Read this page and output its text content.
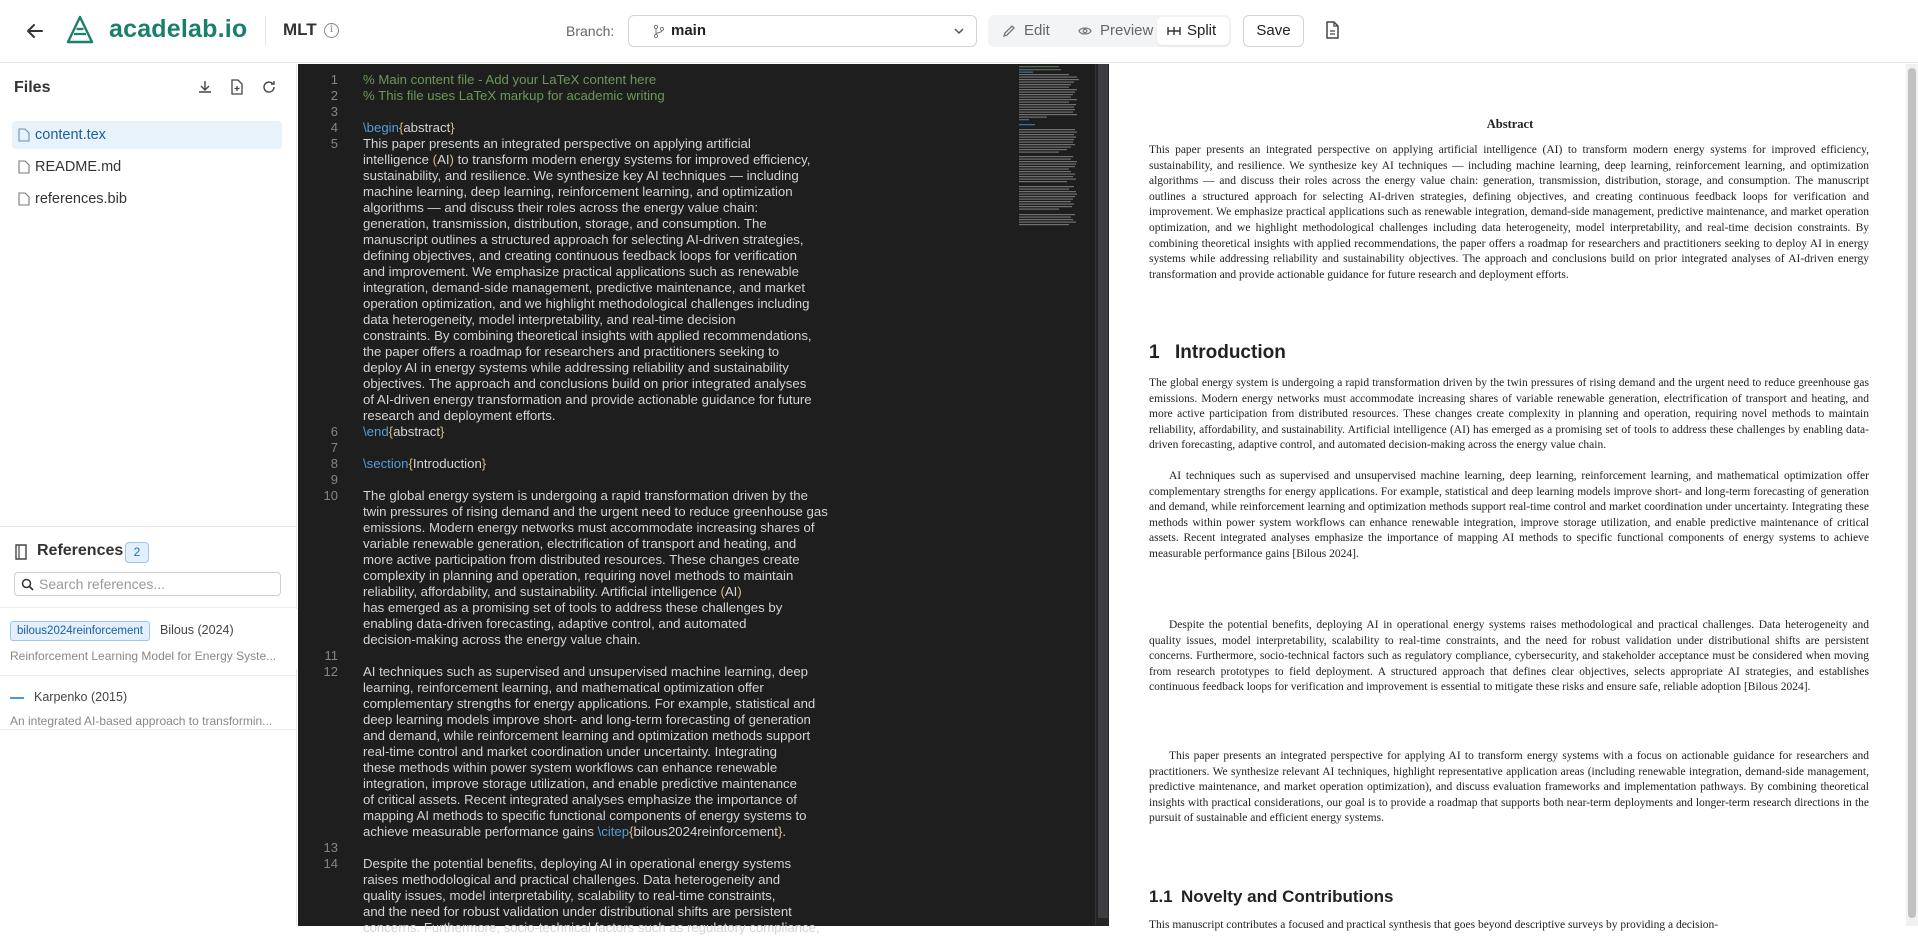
acadelab.io MLT	i	Branch:	main	Edit	Preview Split	Save
Files
content.tex
README.md
references.bib
References 2
Search references...
bilous2024reinforcement	Bilous (2024)
Reinforcement Learning Model for Energy Syste...
Karpenko (2015)
An integrated AI-based approach to transformin...
1 % Main content file - Add your LaTeX content here
2 % This file uses LaTeX markup for academic writing
3
4 \begin{abstract}
5 This paper presents an integrated perspective on applying artificial
intelligence (AI) to transform modern energy systems for improved efficiency,
sustainability, and resilience. We synthesize key AI techniques — including
machine learning, deep learning, reinforcement learning, and optimization
algorithms — and discuss their roles across the energy value chain:
generation, transmission, distribution, storage, and consumption. The
manuscript outlines a structured approach for selecting AI-driven strategies,
defining objectives, and creating continuous feedback loops for verification
and improvement. We emphasize practical applications such as renewable
integration, demand-side management, predictive maintenance, and market
operation optimization, and we highlight methodological challenges including
data heterogeneity, model interpretability, and real-time decision
constraints. By combining theoretical insights with applied recommendations,
the paper offers a roadmap for researchers and practitioners seeking to
deploy AI in energy systems while addressing reliability and sustainability
objectives. The approach and conclusions build on prior integrated analyses
of AI-driven energy transformation and provide actionable guidance for future
research and deployment efforts.
6 \end{abstract}
7
8 \section{Introduction}
9
10 The global energy system is undergoing a rapid transformation driven by the
twin pressures of rising demand and the urgent need to reduce greenhouse gas
emissions. Modern energy networks must accommodate increasing shares of
variable renewable generation, electrification of transport and heating, and
more active participation from distributed resources. These changes create
complexity in planning and operation, requiring novel methods to maintain
reliability, affordability, and sustainability. Artificial intelligence (AI)
has emerged as a promising set of tools to address these challenges by
enabling data-driven forecasting, adaptive control, and automated
decision-making across the energy value chain.
11
12 AI techniques such as supervised and unsupervised machine learning, deep
learning, reinforcement learning, and mathematical optimization offer
complementary strengths for energy applications. For example, statistical and
deep learning models improve short- and long-term forecasting of generation
and demand, while reinforcement learning and optimization methods support
real-time control and market coordination under uncertainty. Integrating
these methods within power system workflows can enhance renewable
integration, improve storage utilization, and enable predictive maintenance
of critical assets. Recent integrated analyses emphasize the importance of
mapping AI methods to specific functional components of energy systems to
achieve measurable performance gains \citep{bilous2024reinforcement}.
13
14 Despite the potential benefits, deploying AI in operational energy systems
raises methodological and practical challenges. Data heterogeneity and
quality issues, model interpretability, scalability to real-time constraints,
and the need for robust validation under distributional shifts are persistent
concerns. Furthermore, socio-technical factors such as regulatory compliance,
Abstract
This paper presents an integrated perspective on applying artificial intelligence (AI) to transform modern energy systems for improved efficiency, sustainability, and resilience. We synthesize key AI techniques — including machine learning, deep learning, reinforcement learning, and optimization algorithms — and discuss their roles across the energy value chain: generation, transmission, distribution, storage, and consumption. The manuscript outlines a structured approach for selecting AI-driven strategies, defining objectives, and creating continuous feedback loops for verification and improvement. We emphasize practical applications such as renewable integration, demand-side management, predictive maintenance, and market operation optimization, and we highlight methodological challenges including data heterogeneity, model interpretability, and real-time decision constraints. By combining theoretical insights with applied recommendations, the paper offers a roadmap for researchers and practitioners seeking to deploy AI in energy systems while addressing reliability and sustainability objectives. The approach and conclusions build on prior integrated analyses of AI-driven energy transformation and provide actionable guidance for future research and deployment efforts.
1 Introduction
The global energy system is undergoing a rapid transformation driven by the twin pressures of rising demand and the urgent need to reduce greenhouse gas emissions. Modern energy networks must accommodate increasing shares of variable renewable generation, electrification of transport and heating, and more active participation from distributed resources. These changes create complexity in planning and operation, requiring novel methods to maintain reliability, affordability, and sustainability. Artificial intelligence (AI) has emerged as a promising set of tools to address these challenges by enabling data-driven forecasting, adaptive control, and automated decision-making across the energy value chain.
AI techniques such as supervised and unsupervised machine learning, deep learning, reinforcement learning, and mathematical optimization offer complementary strengths for energy applications. For example, statistical and deep learning models improve short- and long-term forecasting of generation and demand, while reinforcement learning and optimization methods support real-time control and market coordination under uncertainty. Integrating these methods within power system workflows can enhance renewable integration, improve storage utilization, and enable predictive maintenance of critical assets. Recent integrated analyses emphasize the importance of mapping AI methods to specific functional components of energy systems to achieve measurable performance gains [Bilous 2024].
Despite the potential benefits, deploying AI in operational energy systems raises methodological and practical challenges. Data heterogeneity and quality issues, model interpretability, scalability to real-time constraints, and the need for robust validation under distributional shifts are persistent concerns. Furthermore, socio-technical factors such as regulatory compliance, cybersecurity, and stakeholder acceptance must be considered when moving from research prototypes to field deployment. A structured approach that defines clear objectives, selects appropriate AI strategies, and establishes continuous feedback loops for verification and improvement is essential to mitigate these risks and ensure safe, reliable adoption [Bilous 2024].
This paper presents an integrated perspective for applying AI to transform energy systems with a focus on actionable guidance for researchers and practitioners. We synthesize relevant AI techniques, highlight representative application areas (including renewable integration, demand-side management, predictive maintenance, and market operation optimization), and discuss evaluation frameworks and implementation pathways. By combining theoretical insights with practical considerations, our goal is to provide a roadmap that supports both near-term deployments and longer-term research directions in the pursuit of sustainable and efficient energy systems.
1.1 Novelty and Contributions
This manuscript contributes a focused and practical synthesis that goes beyond descriptive surveys by providing a decision-
